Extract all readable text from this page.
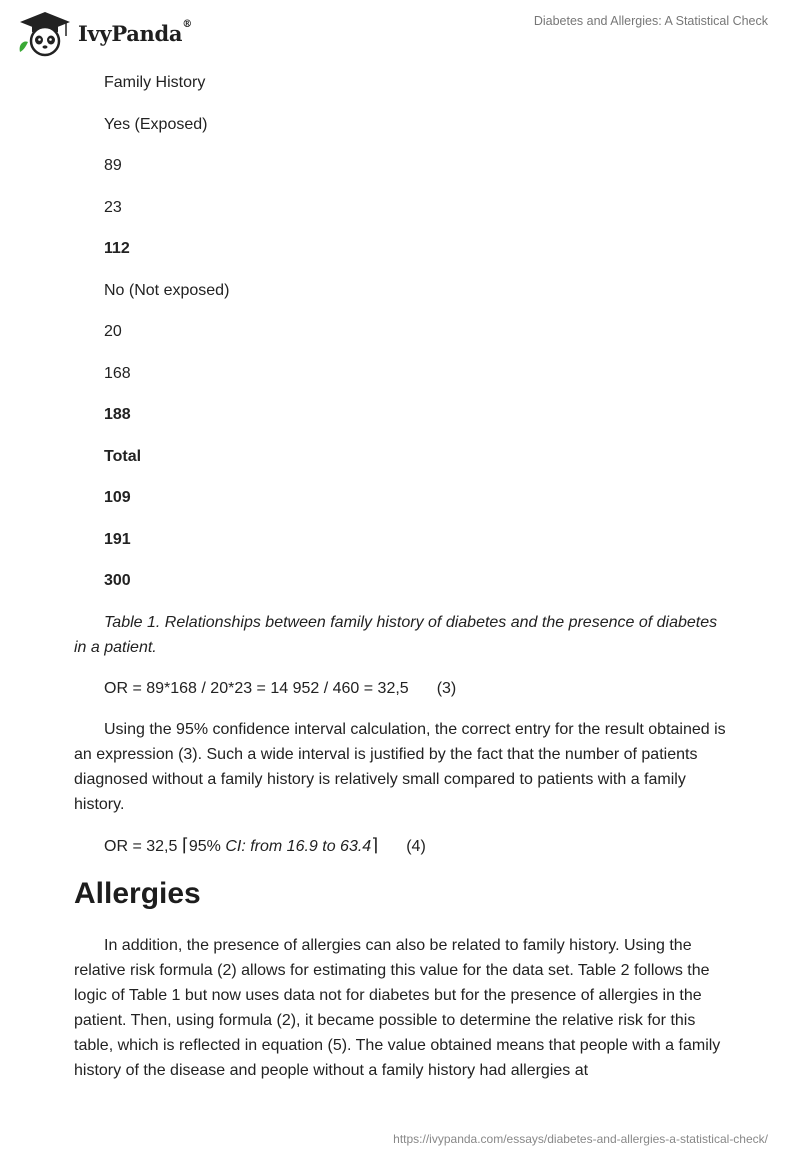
IvyPanda®	Diabetes and Allergies: A Statistical Check
Family History
Yes (Exposed)
89
23
112
No (Not exposed)
20
168
188
Total
109
191
300

Table 1. Relationships between family history of diabetes and the presence of diabetes in a patient.

OR = 89*168 / 20*23 = 14 952 / 460 = 32,5 (3)

Using the 95% confidence interval calculation, the correct entry for the result obtained is an expression (3). Such a wide interval is justified by the fact that the number of patients diagnosed without a family history is relatively small compared to patients with a family history.

OR = 32,5 ⌈95% CI: from 16.9 to 63.4⌉ (4)

Allergies

In addition, the presence of allergies can also be related to family history. Using the relative risk formula (2) allows for estimating this value for the data set. Table 2 follows the logic of Table 1 but now uses data not for diabetes but for the presence of allergies in the patient. Then, using formula (2), it became possible to determine the relative risk for this table, which is reflected in equation (5). The value obtained means that people with a family history of the disease and people without a family history had allergies at

https://ivypanda.com/essays/diabetes-and-allergies-a-statistical-check/
